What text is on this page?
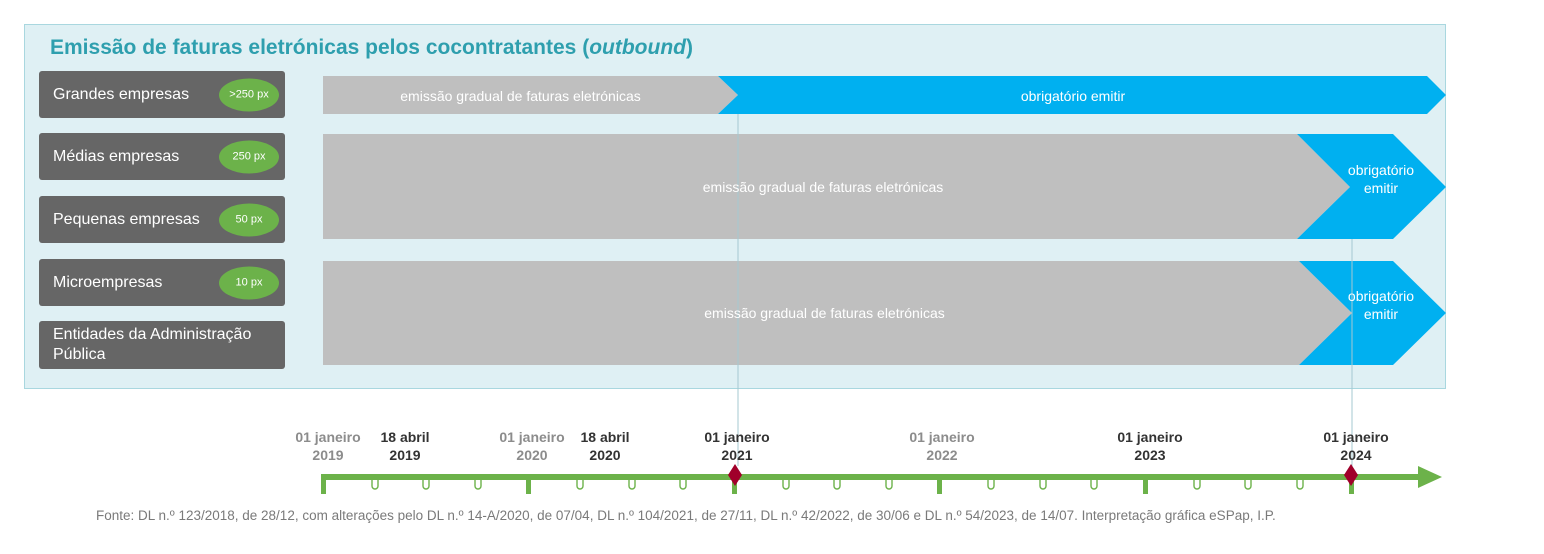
Emissão de faturas eletrónicas pelos cocontratantes (outbound)
Grandes empresas	>250 px
Médias empresas	250 px
Pequenas empresas	50 px
Microempresas	10 px
Entidades da Administração Pública
emissão gradual de faturas eletrónicas	obrigatório emitir
emissão gradual de faturas eletrónicas
obrigatório emitir
emissão gradual de faturas eletrónicas
obrigatório emitir
01 janeiro
2019
18 abril
2019
01 janeiro
2020
18 abril
2020
01 janeiro
2021
01 janeiro
2022
01 janeiro
2023
01 janeiro
2024
Fonte: DL n.º 123/2018, de 28/12, com alterações pelo DL n.º 14-A/2020, de 07/04, DL n.º 104/2021, de 27/11, DL n.º 42/2022, de 30/06 e DL n.º 54/2023, de 14/07. Interpretação gráfica eSPap, I.P.
